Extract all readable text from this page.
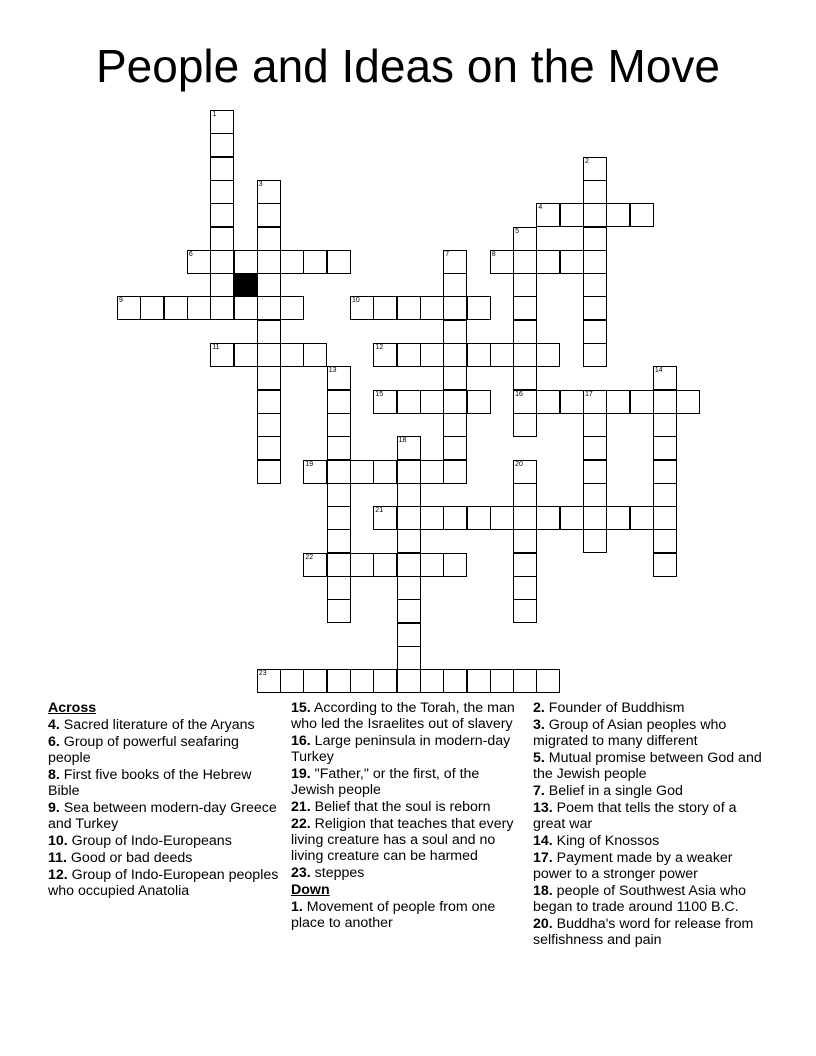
People and Ideas on the Move
1
2
3
4
5
16
6	7	8
9	10
11	12
13	14
15	17
18
19	20
21
22
23
Across
4. Sacred literature of the Aryans
6. Group of powerful seafaring people
8. First five books of the Hebrew Bible
9. Sea between modern-day Greece and Turkey
10. Group of Indo-Europeans
11. Good or bad deeds
12. Group of Indo-European peoples who occupied Anatolia
15. According to the Torah, the man who led the Israelites out of slavery
16. Large peninsula in modern-day Turkey
19. "Father," or the first, of the Jewish people
21. Belief that the soul is reborn
22. Religion that teaches that every living creature has a soul and no living creature can be harmed
23. steppes
Down
1. Movement of people from one place to another
2. Founder of Buddhism
3. Group of Asian peoples who migrated to many different
5. Mutual promise between God and the Jewish people
7. Belief in a single God
13. Poem that tells the story of a great war
14. King of Knossos
17. Payment made by a weaker power to a stronger power
18. people of Southwest Asia who began to trade around 1100 B.C.
20. Buddha's word for release from selfishness and pain
